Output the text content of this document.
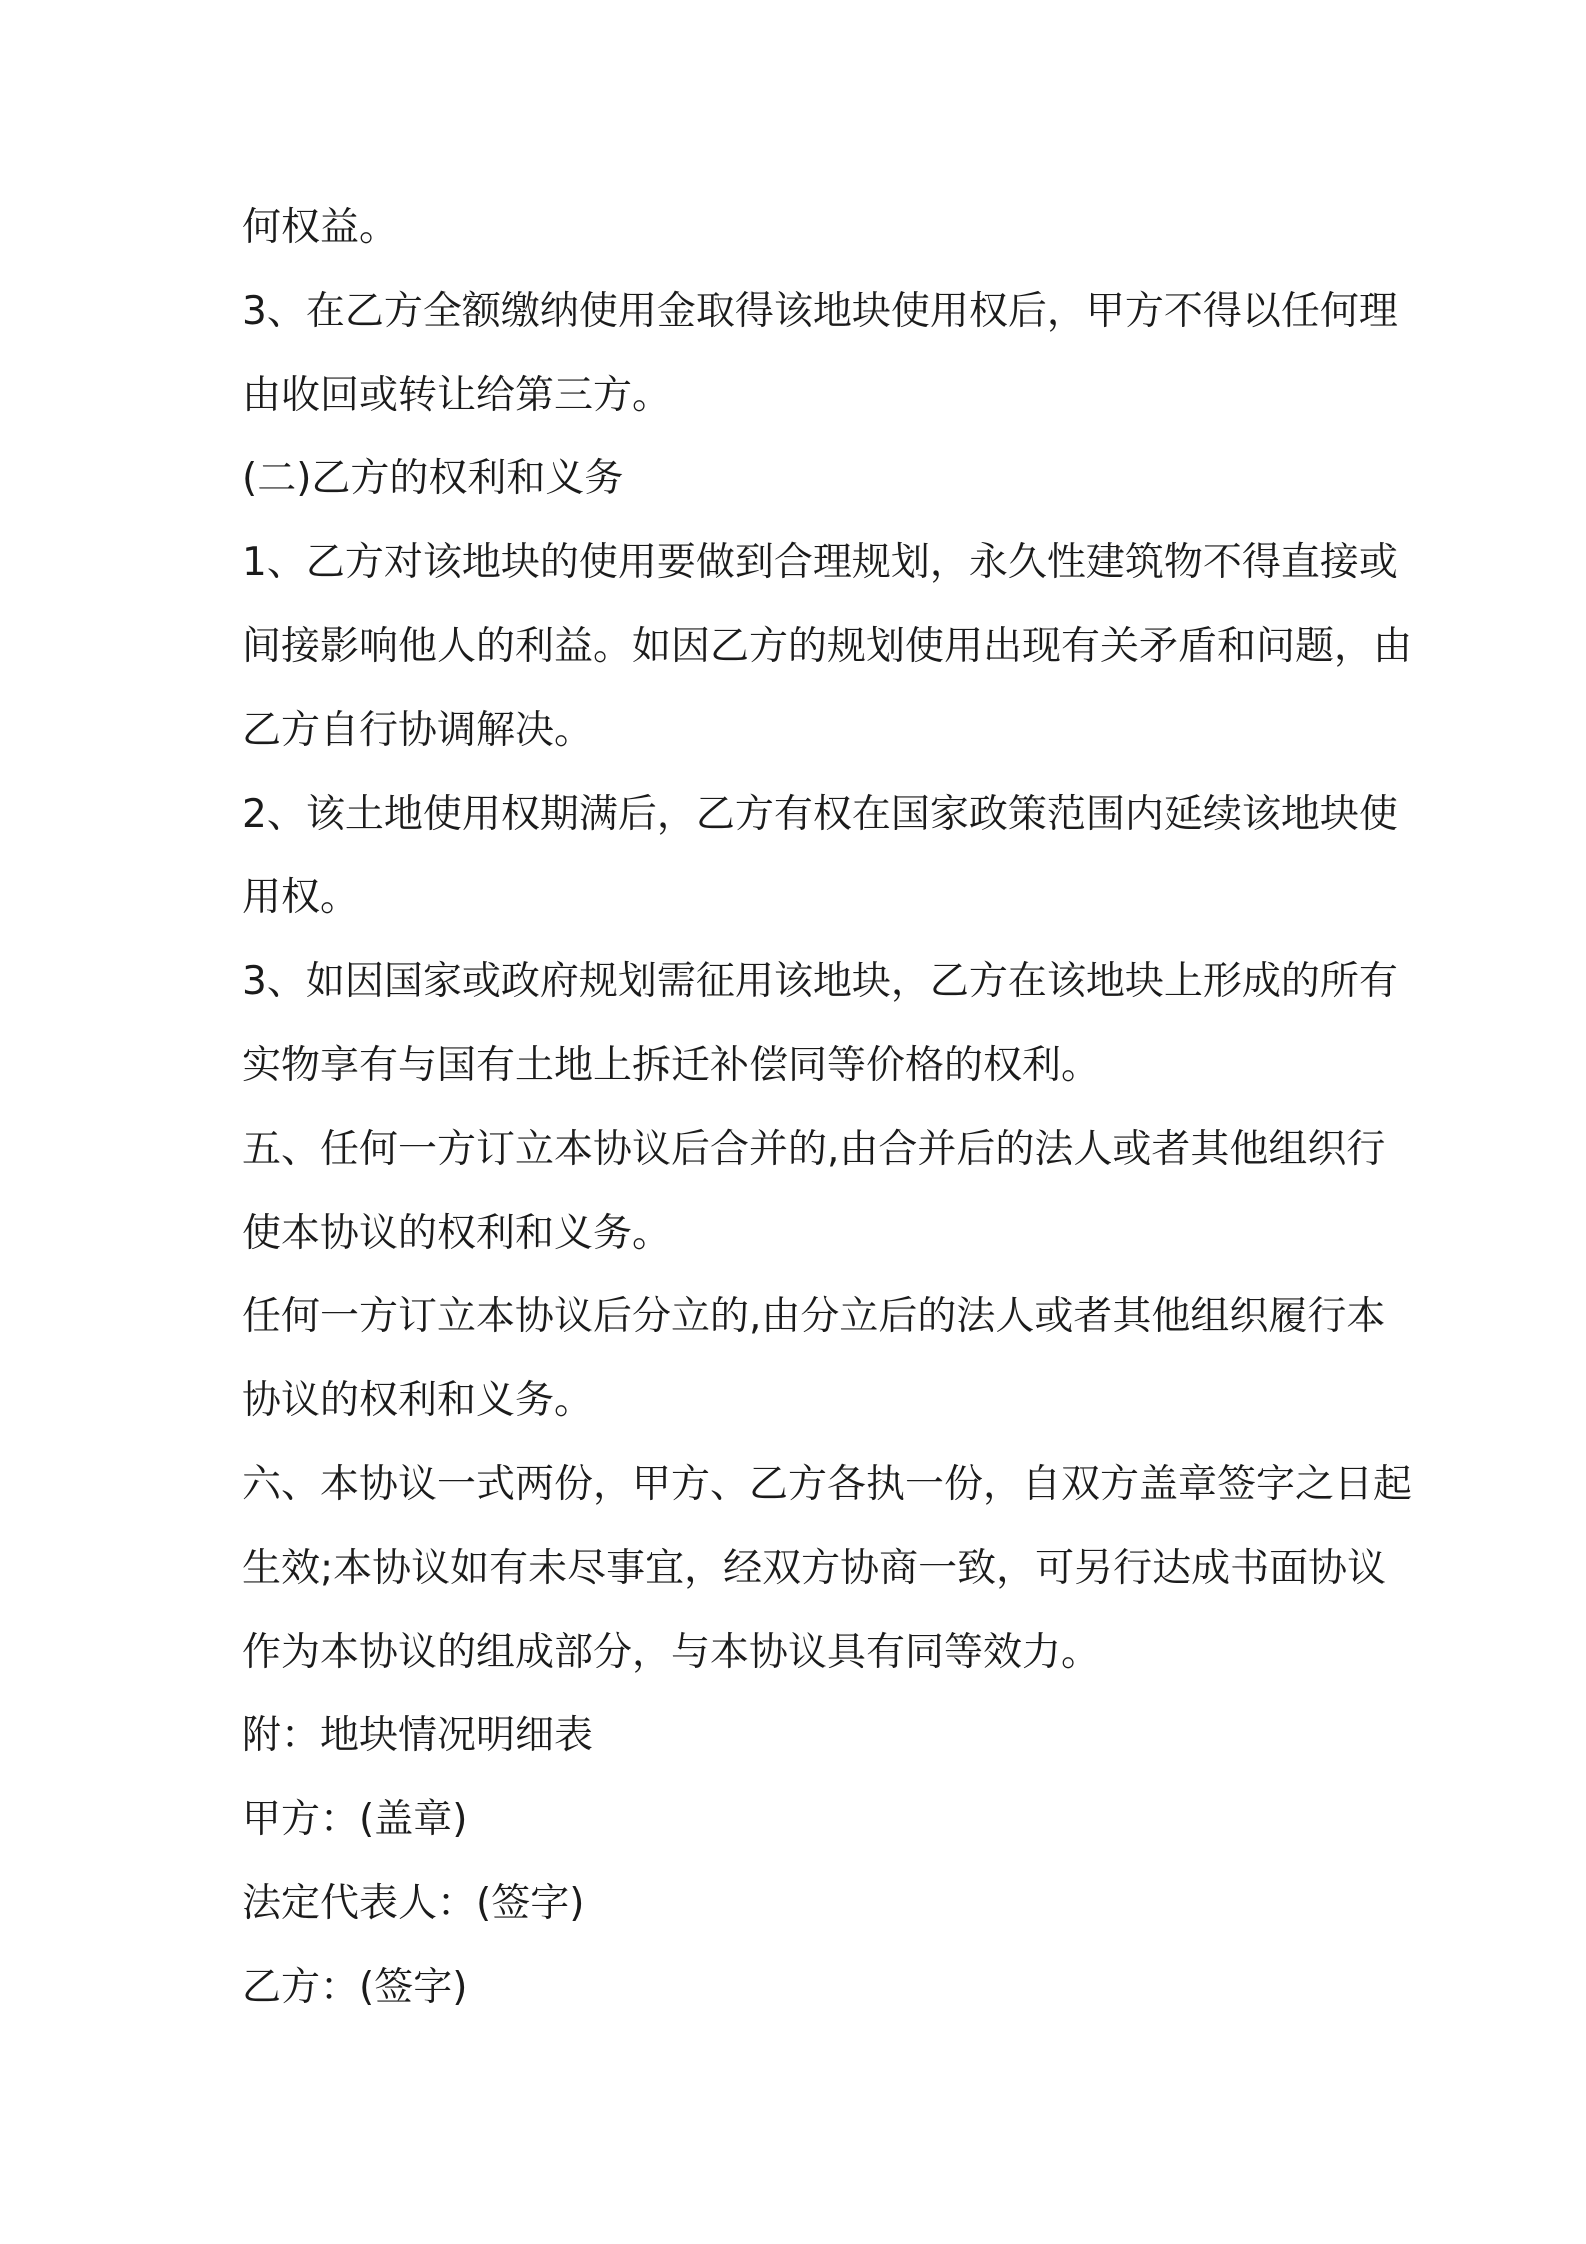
何权益。
3、在乙方全额缴纳使用金取得该地块使用权后，甲方不得以任何理
由收回或转让给第三方。
(二)乙方的权利和义务
1、乙方对该地块的使用要做到合理规划，永久性建筑物不得直接或
间接影响他人的利益。如因乙方的规划使用出现有关矛盾和问题，由
乙方自行协调解决。
2、该土地使用权期满后，乙方有权在国家政策范围内延续该地块使
用权。
3、如因国家或政府规划需征用该地块，乙方在该地块上形成的所有
实物享有与国有土地上拆迁补偿同等价格的权利。
五、任何一方订立本协议后合并的,由合并后的法人或者其他组织行
使本协议的权利和义务。
任何一方订立本协议后分立的,由分立后的法人或者其他组织履行本
协议的权利和义务。
六、本协议一式两份，甲方、乙方各执一份，自双方盖章签字之日起
生效;本协议如有未尽事宜，经双方协商一致，可另行达成书面协议
作为本协议的组成部分，与本协议具有同等效力。
附：地块情况明细表
甲方：(盖章)
法定代表人：(签字)
乙方：(签字)
